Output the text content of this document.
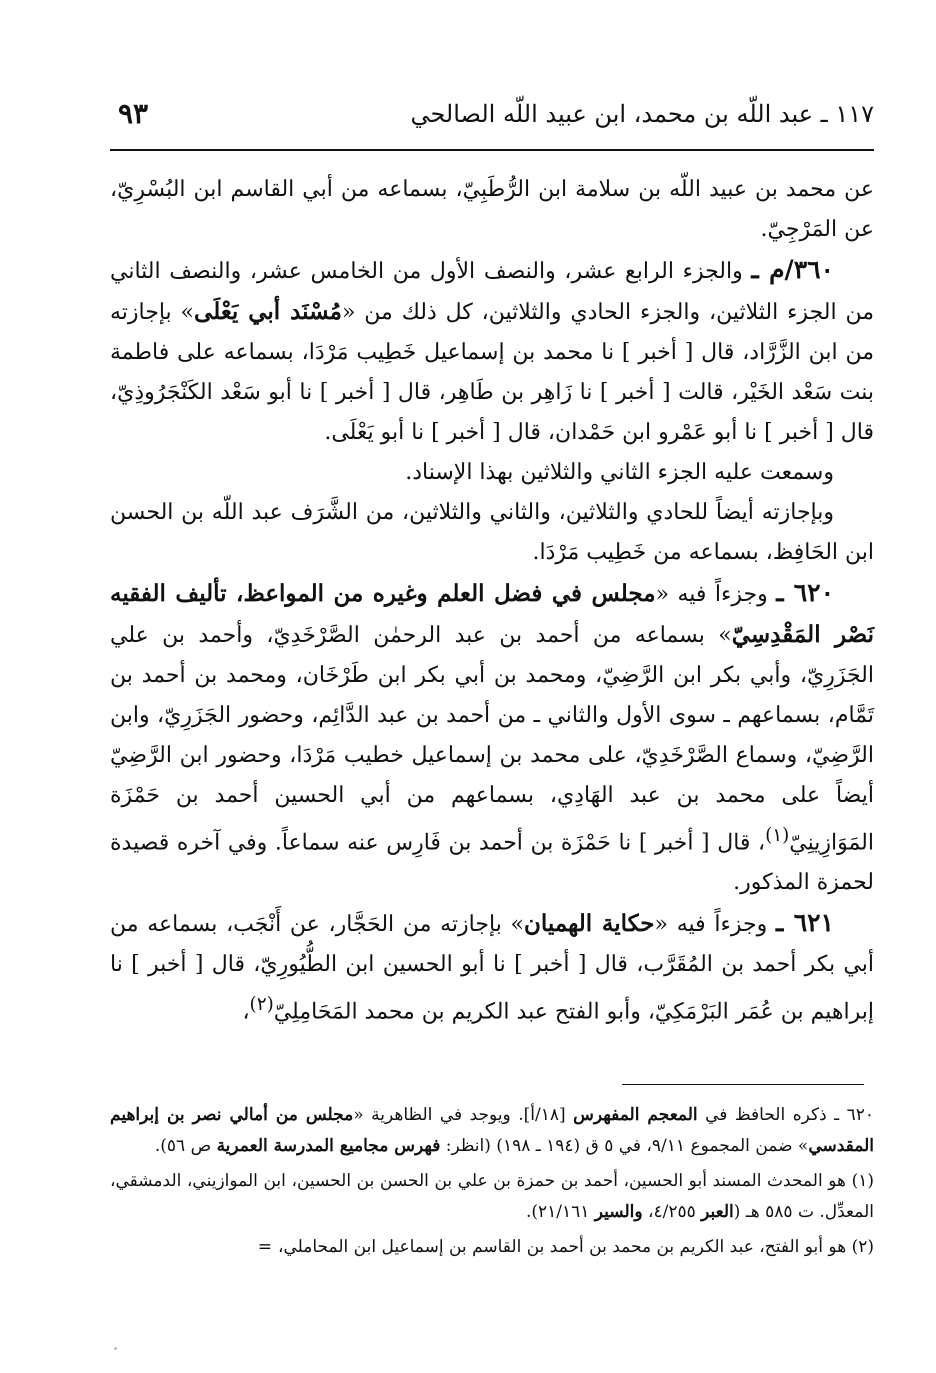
١١٧ ـ عبد اللّه بن محمد، ابن عبيد اللّه الصالحي
٩٣

عن محمد بن عبيد اللّه بن سلامة ابن الرُّطَبِيّ، بسماعه من أبي القاسم ابن البُسْرِيّ، عن المَرْجِيّ.

٣٦٠/م ـ والجزء الرابع عشر، والنصف الأول من الخامس عشر، والنصف الثاني من الجزء الثلاثين، والجزء الحادي والثلاثين، كل ذلك من «مُسْنَد أبي يَعْلَى» بإجازته من ابن الزَّرَّاد، قال [ أخبر ] نا محمد بن إسماعيل خَطِيب مَرْدَا، بسماعه على فاطمة بنت سَعْد الخَيْر، قالت [ أخبر ] نا زَاهِر بن طَاهِر، قال [ أخبر ] نا أبو سَعْد الكَنْجَرُوذِيّ، قال [ أخبر ] نا أبو عَمْرو ابن حَمْدان، قال [ أخبر ] نا أبو يَعْلَى.

وسمعت عليه الجزء الثاني والثلاثين بهذا الإسناد.

وبإجازته أيضاً للحادي والثلاثين، والثاني والثلاثين، من الشَّرَف عبد اللّه بن الحسن ابن الحَافِظ، بسماعه من خَطِيب مَرْدَا.

٦٢٠ ـ وجزءاً فيه «مجلس في فضل العلم وغيره من المواعظ، تأليف الفقيه نَصْر المَقْدِسِيّ» بسماعه من أحمد بن عبد الرحمٰن الصَّرْخَدِيّ، وأحمد بن علي الجَزَرِيّ، وأبي بكر ابن الرَّضِيّ، ومحمد بن أبي بكر ابن طَرْخَان، ومحمد بن أحمد بن تَمَّام، بسماعهم ـ سوى الأول والثاني ـ من أحمد بن عبد الدَّائِم، وحضور الجَزَرِيّ، وابن الرَّضِيّ، وسماع الصَّرْخَدِيّ، على محمد بن إسماعيل خطيب مَرْدَا، وحضور ابن الرَّضِيّ أيضاً على محمد بن عبد الهَادِي، بسماعهم من أبي الحسين أحمد بن حَمْزَة المَوَازِينِيّ$^{(١)}$، قال [ أخبر ] نا حَمْزَة بن أحمد بن فَارِس عنه سماعاً. وفي آخره قصيدة لحمزة المذكور.

٦٢١ ـ وجزءاً فيه «حكاية الهميان» بإجازته من الحَجَّار، عن أَنْجَب، بسماعه من أبي بكر أحمد بن المُقَرَّب، قال [ أخبر ] نا أبو الحسين ابن الطُّيُورِيّ، قال [ أخبر ] نا إبراهيم بن عُمَر البَرْمَكِيّ، وأبو الفتح عبد الكريم بن محمد المَحَامِلِيّ$^{(٢)}$،

٦٢٠ ـ ذكره الحافظ في المعجم المفهرس [١٨/أ]. ويوجد في الظاهرية «مجلس من أمالي نصر بن إبراهيم المقدسي» ضمن المجموع ٩/١١، في ٥ ق (١٩٤ ـ ١٩٨) (انظر: فهرس مجاميع المدرسة العمرية ص ٥٦).

(١) هو المحدث المسند أبو الحسين، أحمد بن حمزة بن علي بن الحسن بن الحسين، ابن الموازيني، الدمشقي، المعدِّل. ت ٥٨٥ هـ (العبر ٤/٢٥٥، والسير ٢١/١٦١).

(٢) هو أبو الفتح، عبد الكريم بن محمد بن أحمد بن القاسم بن إسماعيل ابن المحاملي،=
